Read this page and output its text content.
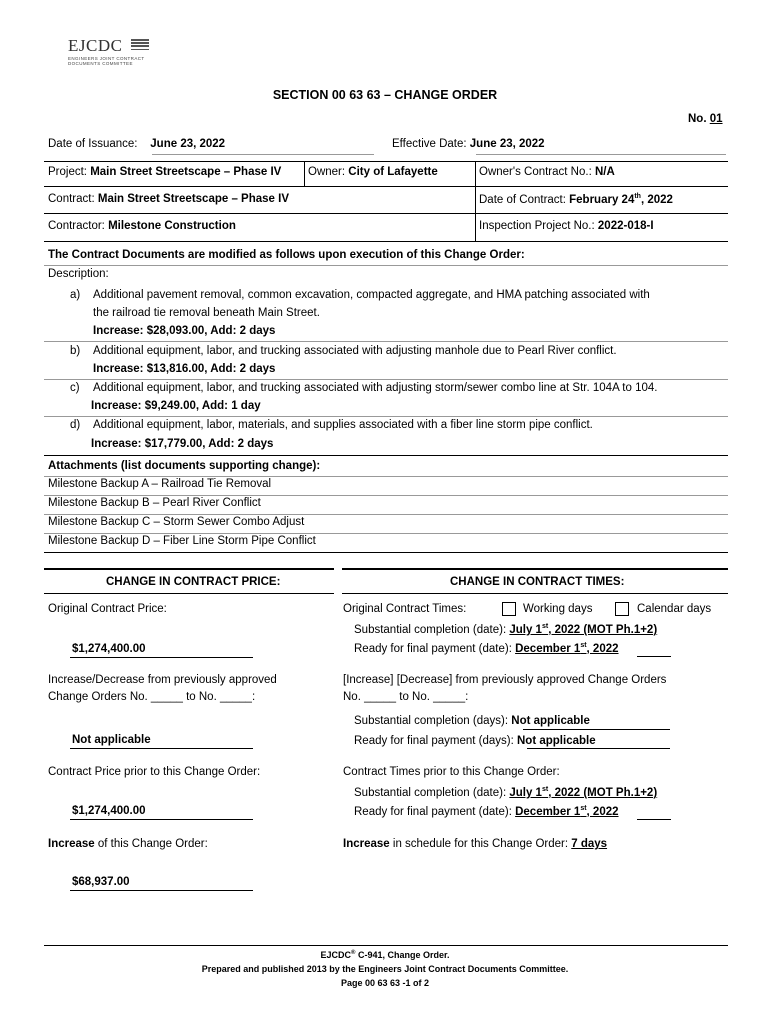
EJCDC
ENGINEERS JOINT CONTRACT
DOCUMENTS COMMITTEE
SECTION 00 63 63 – CHANGE ORDER
No. 01
Date of Issuance: June 23, 2022	Effective Date: June 23, 2022
Project: Main Street Streetscape – Phase IV Owner: City of Lafayette	Owner's Contract No.: N/A
Contract: Main Street Streetscape – Phase IV	Date of Contract: February 24th, 2022
Contractor: Milestone Construction	Inspection Project No.: 2022-018-I
The Contract Documents are modified as follows upon execution of this Change Order:
Description:
a) Additional pavement removal, common excavation, compacted aggregate, and HMA patching associated with
the railroad tie removal beneath Main Street.
Increase: $28,093.00, Add: 2 days
b) Additional equipment, labor, and trucking associated with adjusting manhole due to Pearl River conflict.
Increase: $13,816.00, Add: 2 days
c) Additional equipment, labor, and trucking associated with adjusting storm/sewer combo line at Str. 104A to 104.
Increase: $9,249.00, Add: 1 day
d) Additional equipment, labor, materials, and supplies associated with a fiber line storm pipe conflict.
Increase: $17,779.00, Add: 2 days
Attachments (list documents supporting change):
Milestone Backup A – Railroad Tie Removal
Milestone Backup B – Pearl River Conflict
Milestone Backup C – Storm Sewer Combo Adjust
Milestone Backup D – Fiber Line Storm Pipe Conflict
CHANGE IN CONTRACT PRICE:	CHANGE IN CONTRACT TIMES:
Original Contract Price:
$1,274,400.00
Increase/Decrease from previously approved
Change Orders No. _____ to No. _____:
Not applicable
Contract Price prior to this Change Order:
$1,274,400.00
Increase of this Change Order:
$68,937.00
Original Contract Times:	Working days	Calendar days
Substantial completion (date): July 1st, 2022 (MOT Ph.1+2)
Ready for final payment (date): December 1st, 2022
[Increase] [Decrease] from previously approved Change Orders
No. _____ to No. _____:
Substantial completion (days): Not applicable
Ready for final payment (days): Not applicable
Contract Times prior to this Change Order:
Substantial completion (date): July 1st, 2022 (MOT Ph.1+2)
Ready for final payment (date): December 1st, 2022
Increase in schedule for this Change Order: 7 days
EJCDC® C-941, Change Order.
Prepared and published 2013 by the Engineers Joint Contract Documents Committee.
Page 00 63 63 -1 of 2
